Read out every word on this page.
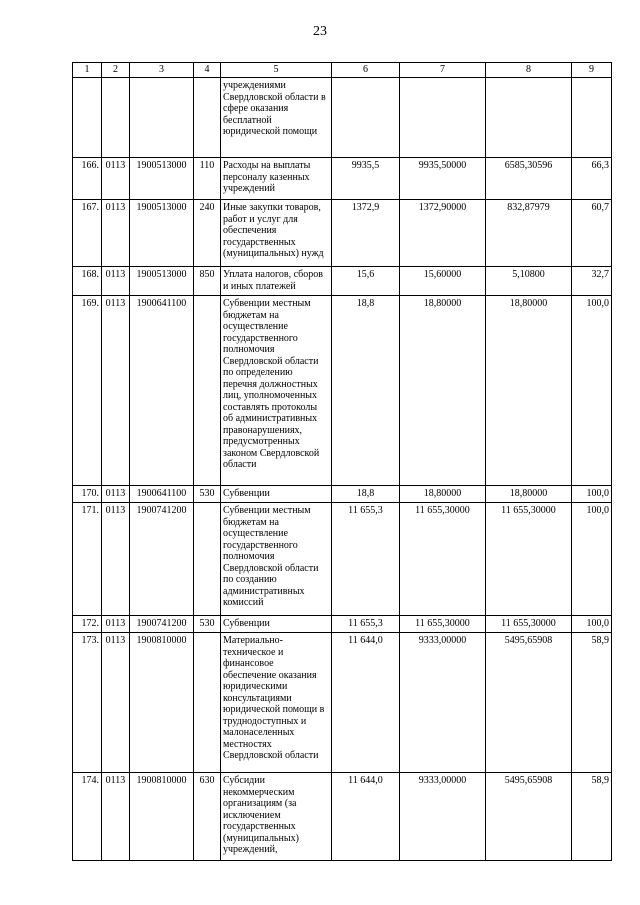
23
1	2	3	4	5	6	7	8	9
				учреждениями Свердловской области в сфере оказания бесплатной юридической помощи				
166.	0113	1900513000	110	Расходы на выплаты персоналу казенных учреждений	9935,5	9935,50000	6585,30596	66,3
167.	0113	1900513000	240	Иные закупки товаров, работ и услуг для обеспечения государственных (муниципальных) нужд	1372,9	1372,90000	832,87979	60,7
168.	0113	1900513000	850	Уплата налогов, сборов и иных платежей	15,6	15,60000	5,10800	32,7
169.	0113	1900641100		Субвенции местным бюджетам на осуществление государственного полномочия Свердловской области по определению перечня должностных лиц, уполномоченных составлять протоколы об административных правонарушениях, предусмотренных законом Свердловской области	18,8	18,80000	18,80000	100,0
170.	0113	1900641100	530	Субвенции	18,8	18,80000	18,80000	100,0
171.	0113	1900741200		Субвенции местным бюджетам на осуществление государственного полномочия Свердловской области по созданию административных комиссий	11 655,3	11 655,30000	11 655,30000	100,0
172.	0113	1900741200	530	Субвенции	11 655,3	11 655,30000	11 655,30000	100,0
173.	0113	1900810000		Материально-техническое и финансовое обеспечение оказания юридическими консультациями юридической помощи в труднодоступных и малонаселенных местностях Свердловской области	11 644,0	9333,00000	5495,65908	58,9
174.	0113	1900810000	630	Субсидии некоммерческим организациям (за исключением государственных (муниципальных) учреждений,	11 644,0	9333,00000	5495,65908	58,9
